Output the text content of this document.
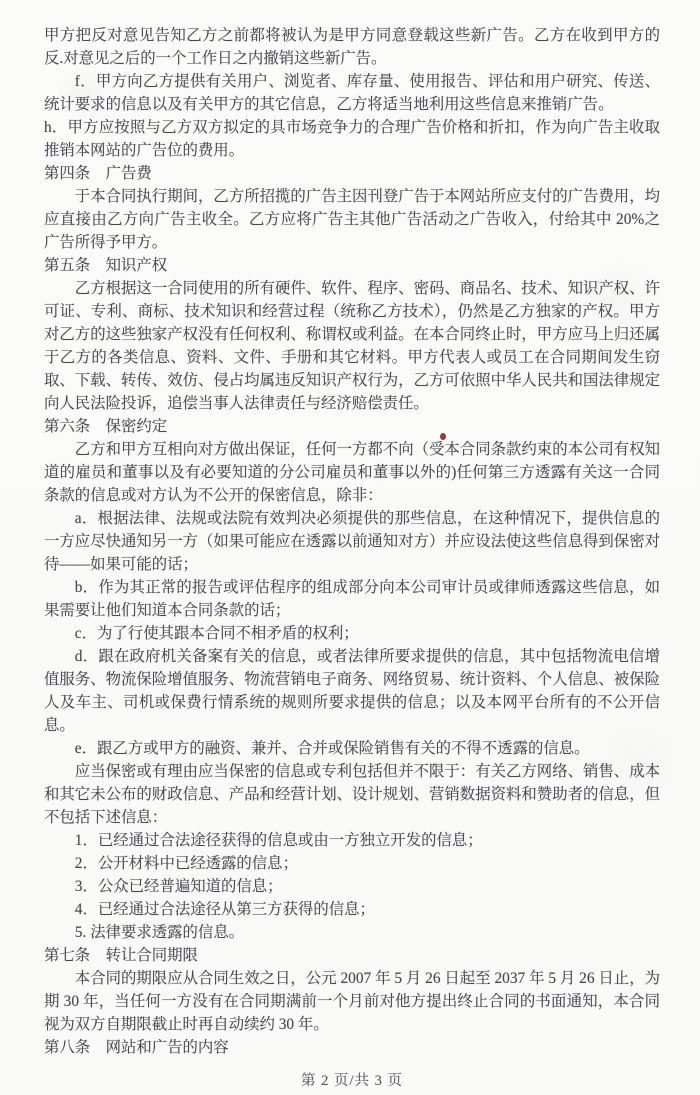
甲方把反对意见告知乙方之前都将被认为是甲方同意登载这些新广告。乙方在收到甲方的反.对意见之后的一个工作日之内撤销这些新广告。

f．甲方向乙方提供有关用户、浏览者、库存量、使用报告、评估和用户研究、传送、统计要求的信息以及有关甲方的其它信息，乙方将适当地利用这些信息来推销广告。

h．甲方应按照与乙方双方拟定的具市场竞争力的合理广告价格和折扣，作为向广告主收取推销本网站的广告位的费用。

第四条　广告费

于本合同执行期间，乙方所招揽的广告主因刊登广告于本网站所应支付的广告费用，均应直接由乙方向广告主收全。乙方应将广告主其他广告活动之广告收入，付给其中 20%之广告所得予甲方。

第五条　知识产权

乙方根据这一合同使用的所有硬件、软件、程序、密码、商品名、技术、知识产权、许可证、专利、商标、技术知识和经营过程（统称乙方技术），仍然是乙方独家的产权。甲方对乙方的这些独家产权没有任何权利、称谓权或利益。在本合同终止时，甲方应马上归还属于乙方的各类信息、资料、文件、手册和其它材料。甲方代表人或员工在合同期间发生窃取、下载、转传、效仿、侵占均属违反知识产权行为，乙方可依照中华人民共和国法律规定向人民法险投诉，追偿当事人法律责任与经济赔偿责任。

第六条　保密约定

乙方和甲方互相向对方做出保证，任何一方都不向（受本合同条款约束的本公司有权知道的雇员和董事以及有必要知道的分公司雇员和董事以外的)任何第三方透露有关这一合同条款的信息或对方认为不公开的保密信息，除非：

a．根据法律、法规或法院有效判决必须提供的那些信息，在这种情况下，提供信息的一方应尽快通知另一方（如果可能应在透露以前通知对方）并应设法使这些信息得到保密对待——如果可能的话；

b．作为其正常的报告或评估程序的组成部分向本公司审计员或律师透露这些信息，如果需要让他们知道本合同条款的话；

c．为了行使其跟本合同不相矛盾的权利；

d．跟在政府机关备案有关的信息，或者法律所要求提供的信息，其中包括物流电信增值服务、物流保险增值服务、物流营销电子商务、网络贸易、统计资料、个人信息、被保险人及车主、司机或保费行情系统的规则所要求提供的信息；以及本网平台所有的不公开信息。

e．跟乙方或甲方的融资、兼并、合并或保险销售有关的不得不透露的信息。

应当保密或有理由应当保密的信息或专利包括但并不限于：有关乙方网络、销售、成本和其它未公布的财政信息、产品和经营计划、设计规划、营销数据资料和赞助者的信息，但不包括下述信息：

1．已经通过合法途径获得的信息或由一方独立开发的信息；

2．公开材料中已经透露的信息；

3．公众已经普遍知道的信息；

4．已经通过合法途径从第三方获得的信息；

5. 法律要求透露的信息。

第七条　转让合同期限

本合同的期限应从合同生效之日，公元 2007 年 5 月 26 日起至 2037 年 5 月 26 日止，为期 30 年，当任何一方没有在合同期满前一个月前对他方提出终止合同的书面通知，本合同视为双方自期限截止时再自动续约 30 年。

第八条　网站和广告的内容

第 2 页/共 3 页
